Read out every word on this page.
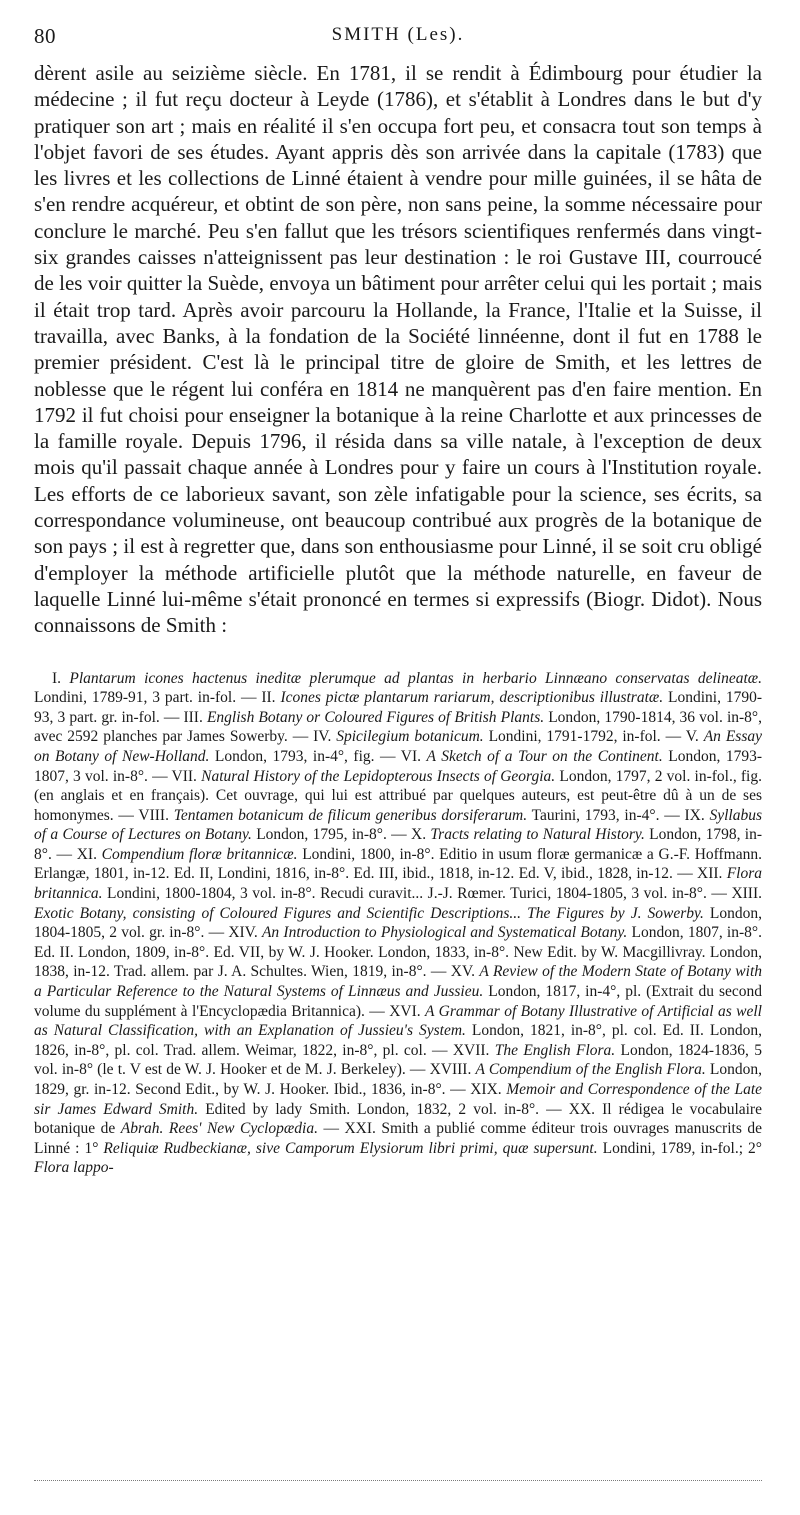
80	SMITH (Les).

dèrent asile au seizième siècle. En 1781, il se rendit à Édimbourg pour étudier la médecine ; il fut reçu docteur à Leyde (1786), et s'établit à Londres dans le but d'y pratiquer son art ; mais en réalité il s'en occupa fort peu, et consacra tout son temps à l'objet favori de ses études. Ayant appris dès son arrivée dans la capitale (1783) que les livres et les collections de Linné étaient à vendre pour mille guinées, il se hâta de s'en rendre acquéreur, et obtint de son père, non sans peine, la somme nécessaire pour conclure le marché. Peu s'en fallut que les trésors scientifiques renfermés dans vingt-six grandes caisses n'atteignissent pas leur destination : le roi Gustave III, courroucé de les voir quitter la Suède, envoya un bâtiment pour arrêter celui qui les portait ; mais il était trop tard. Après avoir parcouru la Hollande, la France, l'Italie et la Suisse, il travailla, avec Banks, à la fondation de la Société linnéenne, dont il fut en 1788 le premier président. C'est là le principal titre de gloire de Smith, et les lettres de noblesse que le régent lui conféra en 1814 ne manquèrent pas d'en faire mention. En 1792 il fut choisi pour enseigner la botanique à la reine Charlotte et aux princesses de la famille royale. Depuis 1796, il résida dans sa ville natale, à l'exception de deux mois qu'il passait chaque année à Londres pour y faire un cours à l'Institution royale. Les efforts de ce laborieux savant, son zèle infatigable pour la science, ses écrits, sa correspondance volumineuse, ont beaucoup contribué aux progrès de la botanique de son pays ; il est à regretter que, dans son enthousiasme pour Linné, il se soit cru obligé d'employer la méthode artificielle plutôt que la méthode naturelle, en faveur de laquelle Linné lui-même s'était prononcé en termes si expressifs (Biogr. Didot). Nous connaissons de Smith :

I. Plantarum icones hactenus ineditæ plerumque ad plantas in herbario Linnæano conservatas delineatæ. Londini, 1789-91, 3 part. in-fol. — II. Icones pictæ plantarum rariarum, descriptionibus illustratæ. Londini, 1790-93, 3 part. gr. in-fol. — III. English Botany or Coloured Figures of British Plants. London, 1790-1814, 36 vol. in-8°, avec 2592 planches par James Sowerby. — IV. Spicilegium botanicum. Londini, 1791-1792, in-fol. — V. An Essay on Botany of New-Holland. London, 1793, in-4°, fig. — VI. A Sketch of a Tour on the Continent. London, 1793-1807, 3 vol. in-8°. — VII. Natural History of the Lepidopterous Insects of Georgia. London, 1797, 2 vol. in-fol., fig. (en anglais et en français). Cet ouvrage, qui lui est attribué par quelques auteurs, est peut-être dû à un de ses homonymes. — VIII. Tentamen botanicum de filicum generibus dorsiferarum. Taurini, 1793, in-4°. — IX. Syllabus of a Course of Lectures on Botany. London, 1795, in-8°. — X. Tracts relating to Natural History. London, 1798, in-8°. — XI. Compendium floræ britannicæ. Londini, 1800, in-8°. Editio in usum floræ germanicæ a G.-F. Hoffmann. Erlangæ, 1801, in-12. Ed. II, Londini, 1816, in-8°. Ed. III, ibid., 1818, in-12. Ed. V, ibid., 1828, in-12. — XII. Flora britannica. Londini, 1800-1804, 3 vol. in-8°. Recudi curavit... J.-J. Rœmer. Turici, 1804-1805, 3 vol. in-8°. — XIII. Exotic Botany, consisting of Coloured Figures and Scientific Descriptions... The Figures by J. Sowerby. London, 1804-1805, 2 vol. gr. in-8°. — XIV. An Introduction to Physiological and Systematical Botany. London, 1807, in-8°. Ed. II. London, 1809, in-8°. Ed. VII, by W. J. Hooker. London, 1833, in-8°. New Edit. by W. Macgillivray. London, 1838, in-12. Trad. allem. par J. A. Schultes. Wien, 1819, in-8°. — XV. A Review of the Modern State of Botany with a Particular Reference to the Natural Systems of Linnæus and Jussieu. London, 1817, in-4°, pl. (Extrait du second volume du supplément à l'Encyclopædia Britannica). — XVI. A Grammar of Botany Illustrative of Artificial as well as Natural Classification, with an Explanation of Jussieu's System. London, 1821, in-8°, pl. col. Ed. II. London, 1826, in-8°, pl. col. Trad. allem. Weimar, 1822, in-8°, pl. col. — XVII. The English Flora. London, 1824-1836, 5 vol. in-8° (le t. V est de W. J. Hooker et de M. J. Berkeley). — XVIII. A Compendium of the English Flora. London, 1829, gr. in-12. Second Edit., by W. J. Hooker. Ibid., 1836, in-8°. — XIX. Memoir and Correspondence of the Late sir James Edward Smith. Edited by lady Smith. London, 1832, 2 vol. in-8°. — XX. Il rédigea le vocabulaire botanique de Abrah. Rees' New Cyclopædia. — XXI. Smith a publié comme éditeur trois ouvrages manuscrits de Linné : 1° Reliquiæ Rudbeckianæ, sive Camporum Elysiorum libri primi, quæ supersunt. Londini, 1789, in-fol.; 2° Flora lappo-
